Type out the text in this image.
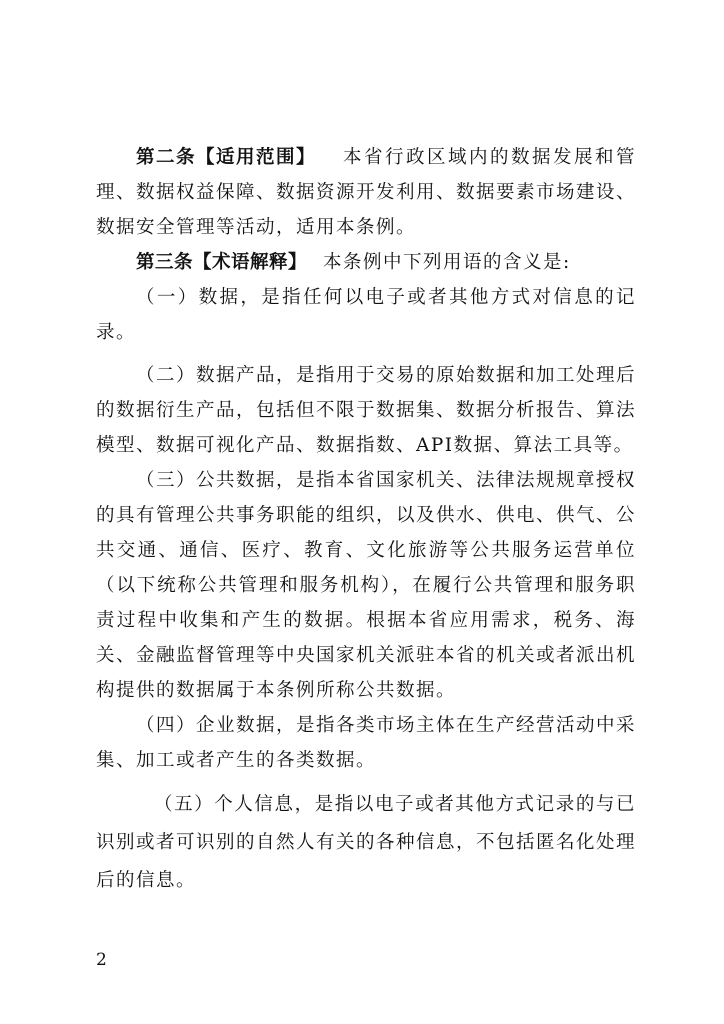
第二条【适用范围】 本省行政区域内的数据发展和管理、数据权益保障、数据资源开发利用、数据要素市场建设、数据安全管理等活动，适用本条例。

第三条【术语解释】 本条例中下列用语的含义是:

（一）数据，是指任何以电子或者其他方式对信息的记录。

（二）数据产品，是指用于交易的原始数据和加工处理后的数据衍生产品，包括但不限于数据集、数据分析报告、算法模型、数据可视化产品、数据指数、API数据、算法工具等。

（三）公共数据，是指本省国家机关、法律法规规章授权的具有管理公共事务职能的组织，以及供水、供电、供气、公共交通、通信、医疗、教育、文化旅游等公共服务运营单位（以下统称公共管理和服务机构），在履行公共管理和服务职责过程中收集和产生的数据。根据本省应用需求，税务、海关、金融监督管理等中央国家机关派驻本省的机关或者派出机构提供的数据属于本条例所称公共数据。

（四）企业数据，是指各类市场主体在生产经营活动中采集、加工或者产生的各类数据。

（五）个人信息，是指以电子或者其他方式记录的与已识别或者可识别的自然人有关的各种信息，不包括匿名化处理后的信息。

2
